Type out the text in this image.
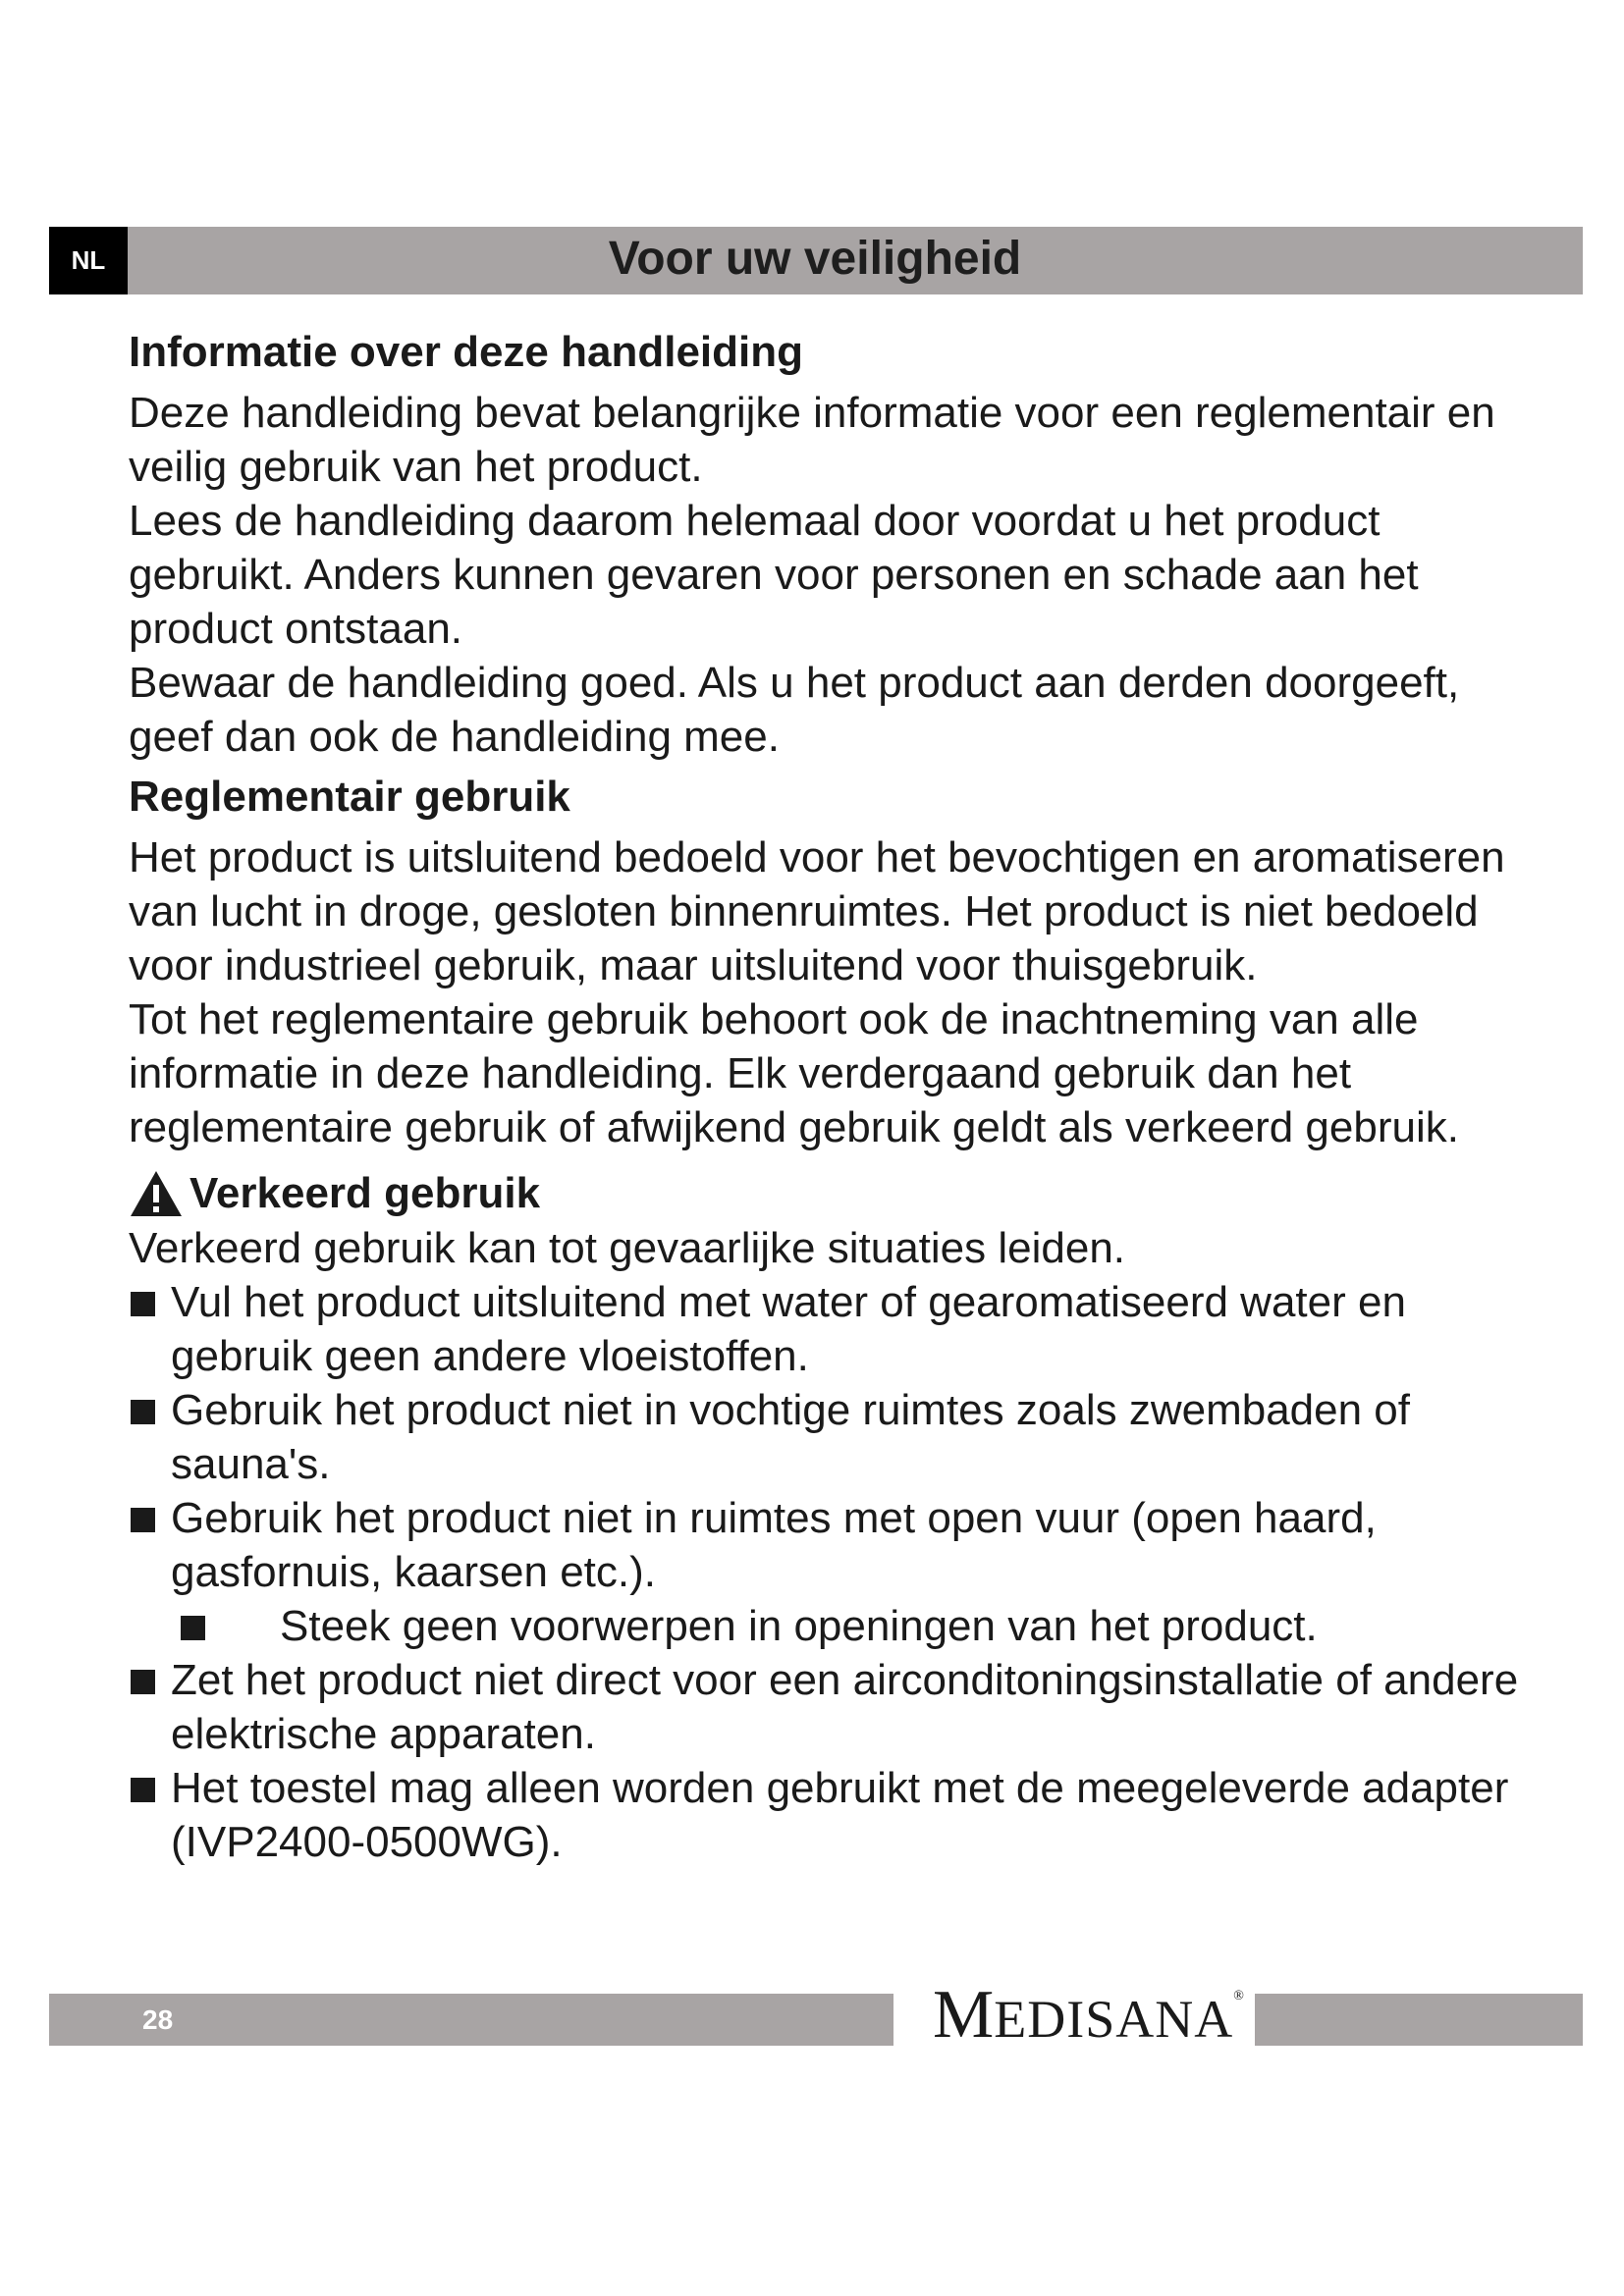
NL	Voor uw veiligheid
Informatie over deze handleiding

Deze handleiding bevat belangrijke informatie voor een reglementair en veilig gebruik van het product.

Lees de handleiding daarom helemaal door voordat u het product gebruikt. Anders kunnen gevaren voor personen en schade aan het product ontstaan.

Bewaar de handleiding goed. Als u het product aan derden doorgeeft, geef dan ook de handleiding mee.

Reglementair gebruik

Het product is uitsluitend bedoeld voor het bevochtigen en aromatiseren van lucht in droge, gesloten binnenruimtes. Het product is niet bedoeld voor industrieel gebruik, maar uitsluitend voor thuisgebruik.

Tot het reglementaire gebruik behoort ook de inachtneming van alle informatie in deze handleiding. Elk verdergaand gebruik dan het reglementaire gebruik of afwijkend gebruik geldt als verkeerd gebruik.

Verkeerd gebruik

Verkeerd gebruik kan tot gevaarlijke situaties leiden.

Vul het product uitsluitend met water of gearomatiseerd water en gebruik geen andere vloeistoffen.
Gebruik het product niet in vochtige ruimtes zoals zwembaden of sauna's.
Gebruik het product niet in ruimtes met open vuur (open haard, gasfornuis, kaarsen etc.).
Steek geen voorwerpen in openingen van het product.
Zet het product niet direct voor een airconditoningsinstallatie of andere elektrische apparaten.
Het toestel mag alleen worden gebruikt met de meegeleverde adapter (IVP2400-0500WG).
28	MEDISANA®
